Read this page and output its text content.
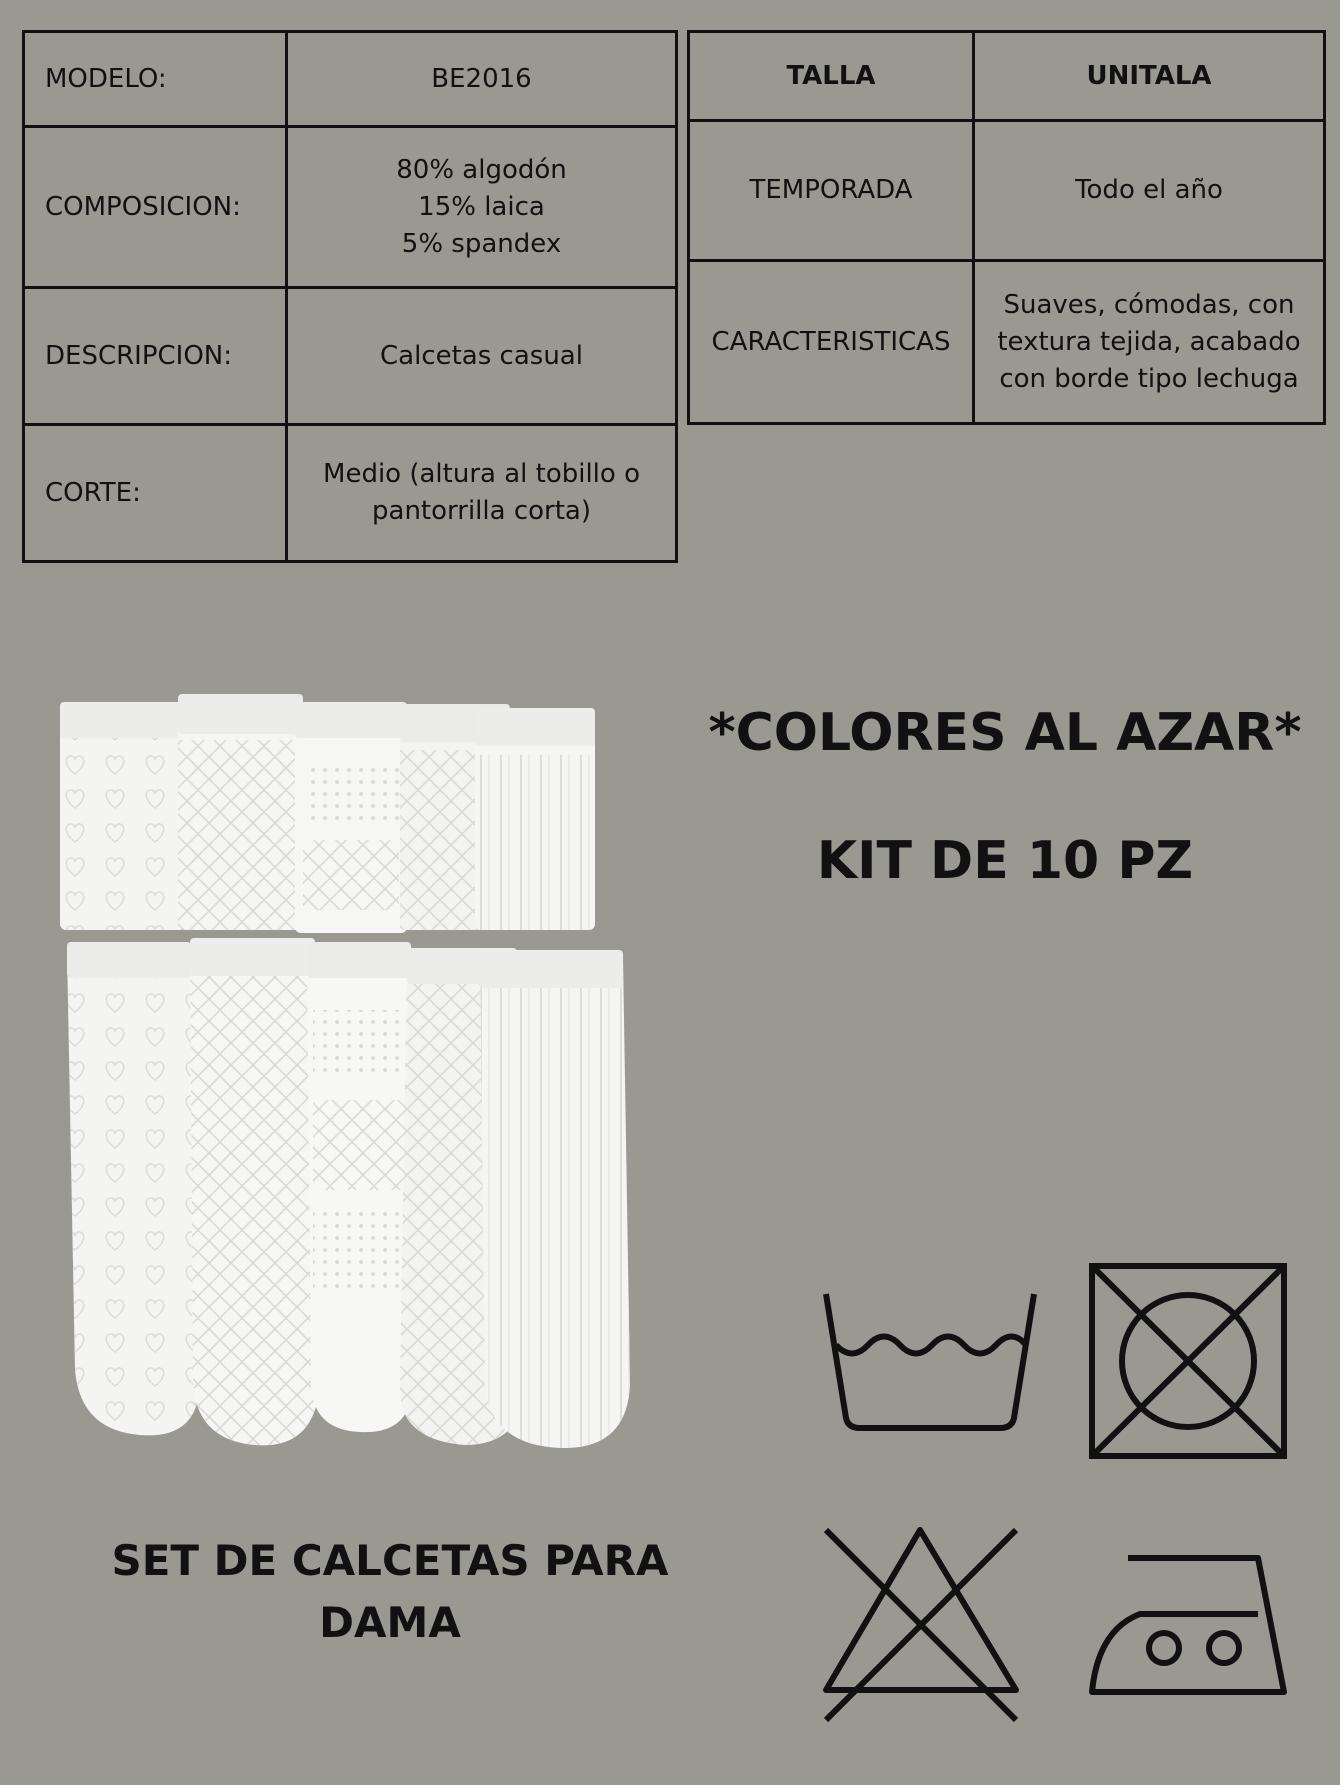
MODELO:	BE2016
COMPOSICION:	80% algodón
15% laica
5% spandex
DESCRIPCION:	Calcetas casual
CORTE:	Medio (altura al tobillo o
pantorrilla corta)
TALLA	UNITALA
TEMPORADA	Todo el año
CARACTERISTICAS	Suaves, cómodas, con
textura tejida, acabado
con borde tipo lechuga
*COLORES AL AZAR*
KIT DE 10 PZ
SET DE CALCETAS PARA
DAMA
